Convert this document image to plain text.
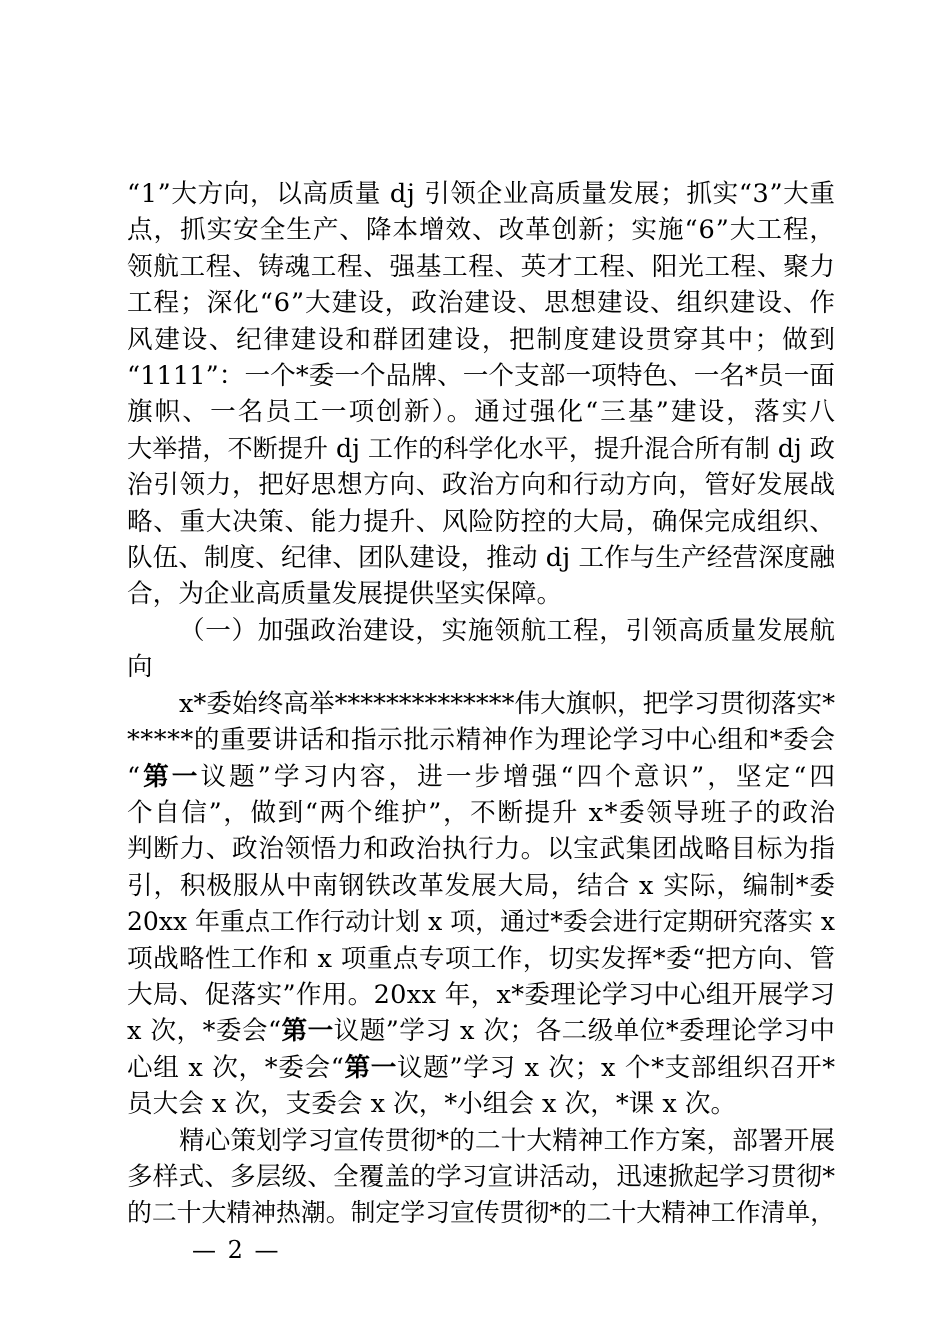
“1”大方向，以高质量 dj 引领企业高质量发展；抓实“3”大重
点，抓实安全生产、降本增效、改革创新；实施“6”大工程，
领航工程、铸魂工程、强基工程、英才工程、阳光工程、聚力
工程；深化“6”大建设，政治建设、思想建设、组织建设、作
风建设、纪律建设和群团建设，把制度建设贯穿其中；做到
“1111”：一个*委一个品牌、一个支部一项特色、一名*员一面
旗帜、一名员工一项创新）。通过强化“三基”建设，落实八
大举措，不断提升 dj 工作的科学化水平，提升混合所有制 dj 政
治引领力，把好思想方向、政治方向和行动方向，管好发展战
略、重大决策、能力提升、风险防控的大局，确保完成组织、
队伍、制度、纪律、团队建设，推动 dj 工作与生产经营深度融
合，为企业高质量发展提供坚实保障。
（一）加强政治建设，实施领航工程，引领高质量发展航
向
x*委始终高举**************伟大旗帜，把学习贯彻落实*
*****的重要讲话和指示批示精神作为理论学习中心组和*委会
“第一议题”学习内容，进一步增强“四个意识”，坚定“四
个自信”，做到“两个维护”，不断提升 x*委领导班子的政治
判断力、政治领悟力和政治执行力。以宝武集团战略目标为指
引，积极服从中南钢铁改革发展大局，结合 x 实际，编制*委
20xx 年重点工作行动计划 x 项，通过*委会进行定期研究落实 x
项战略性工作和 x 项重点专项工作，切实发挥*委“把方向、管
大局、促落实”作用。20xx 年，x*委理论学习中心组开展学习
x 次，*委会“第一议题”学习 x 次；各二级单位*委理论学习中
心组 x 次，*委会“第一议题”学习 x 次；x 个*支部组织召开*
员大会 x 次，支委会 x 次，*小组会 x 次，*课 x 次。
精心策划学习宣传贯彻*的二十大精神工作方案，部署开展
多样式、多层级、全覆盖的学习宣讲活动，迅速掀起学习贯彻*
的二十大精神热潮。制定学习宣传贯彻*的二十大精神工作清单，
— 2 —
